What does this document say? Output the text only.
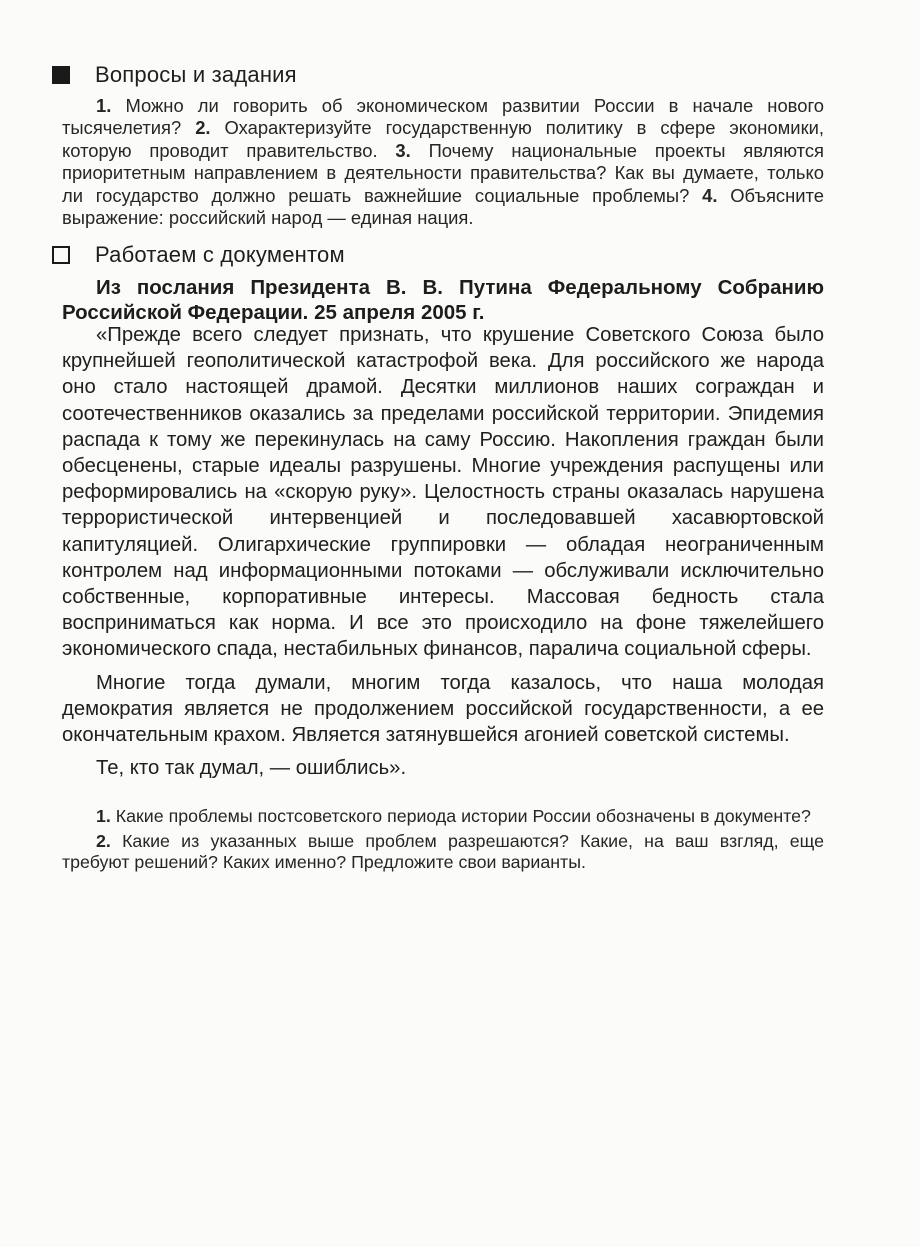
Вопросы и задания

1. Можно ли говорить об экономическом развитии России в начале нового тысячелетия? 2. Охарактеризуйте государственную политику в сфере экономики, которую проводит правительство. 3. Почему национальные проекты являются приоритетным направлением в деятельности правительства? Как вы думаете, только ли государство должно решать важнейшие социальные проблемы? 4. Объясните выражение: российский народ — единая нация.

Работаем с документом

Из послания Президента В. В. Путина Федеральному Собранию Российской Федерации. 25 апреля 2005 г.

«Прежде всего следует признать, что крушение Советского Союза было крупнейшей геополитической катастрофой века. Для российского же народа оно стало настоящей драмой. Десятки миллионов наших сограждан и соотечественников оказались за пределами российской территории. Эпидемия распада к тому же перекинулась на саму Россию. Накопления граждан были обесценены, старые идеалы разрушены. Многие учреждения распущены или реформировались на «скорую руку». Целостность страны оказалась нарушена террористической интервенцией и последовавшей хасавюртовской капитуляцией. Олигархические группировки — обладая неограниченным контролем над информационными потоками — обслуживали исключительно собственные, корпоративные интересы. Массовая бедность стала восприниматься как норма. И все это происходило на фоне тяжелейшего экономического спада, нестабильных финансов, паралича социальной сферы.

Многие тогда думали, многим тогда казалось, что наша молодая демократия является не продолжением российской государственности, а ее окончательным крахом. Является затянувшейся агонией советской системы.

Те, кто так думал, — ошиблись».

1. Какие проблемы постсоветского периода истории России обозначены в документе?

2. Какие из указанных выше проблем разрешаются? Какие, на ваш взгляд, еще требуют решений? Каких именно? Предложите свои варианты.
